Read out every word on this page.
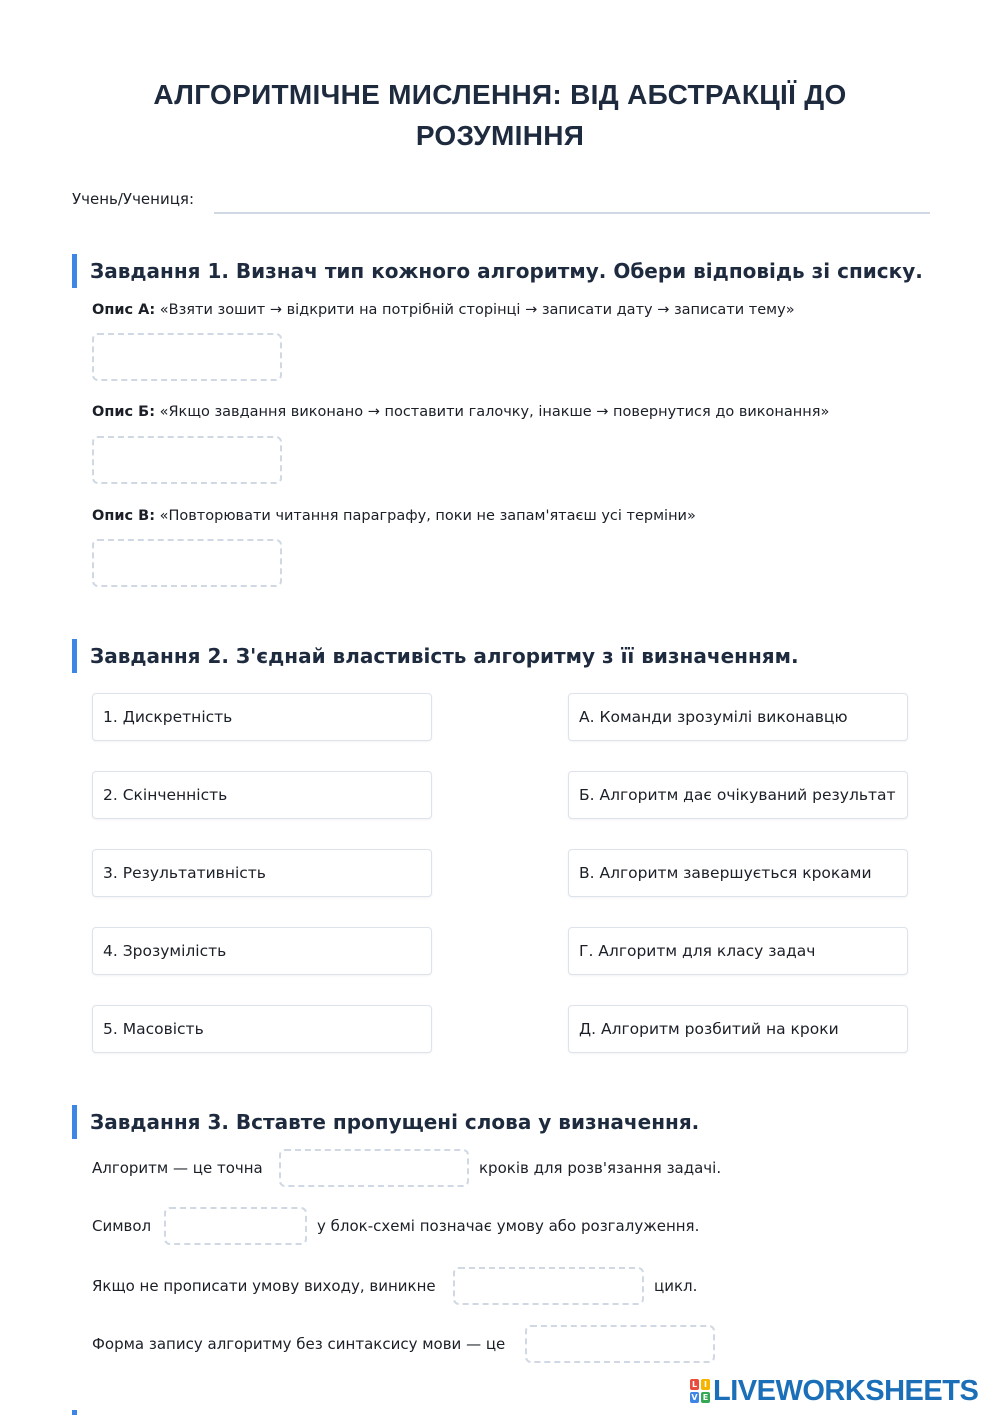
АЛГОРИТМІЧНЕ МИСЛЕННЯ: ВІД АБСТРАКЦІЇ ДО РОЗУМІННЯ
Учень/Учениця:
Завдання 1. Визнач тип кожного алгоритму. Обери відповідь зі списку.
Опис А: «Взяти зошит → відкрити на потрібній сторінці → записати дату → записати тему»
Опис Б: «Якщо завдання виконано → поставити галочку, інакше → повернутися до виконання»
Опис В: «Повторювати читання параграфу, поки не запам'ятаєш усі терміни»
Завдання 2. З'єднай властивість алгоритму з її визначенням.
1. Дискретність
2. Скінченність
3. Результативність
4. Зрозумілість
5. Масовість
А. Команди зрозумілі виконавцю
Б. Алгоритм дає очікуваний результат
В. Алгоритм завершується кроками
Г. Алгоритм для класу задач
Д. Алгоритм розбитий на кроки
Завдання 3. Вставте пропущені слова у визначення.
Алгоритм — це точна	кроків для розв'язання задачі.
Символ	у блок-схемі позначає умову або розгалуження.
Якщо не прописати умову виходу, виникне	цикл.
Форма запису алгоритму без синтаксису мови — це
L I
V E LIVEWORKSHEETS
